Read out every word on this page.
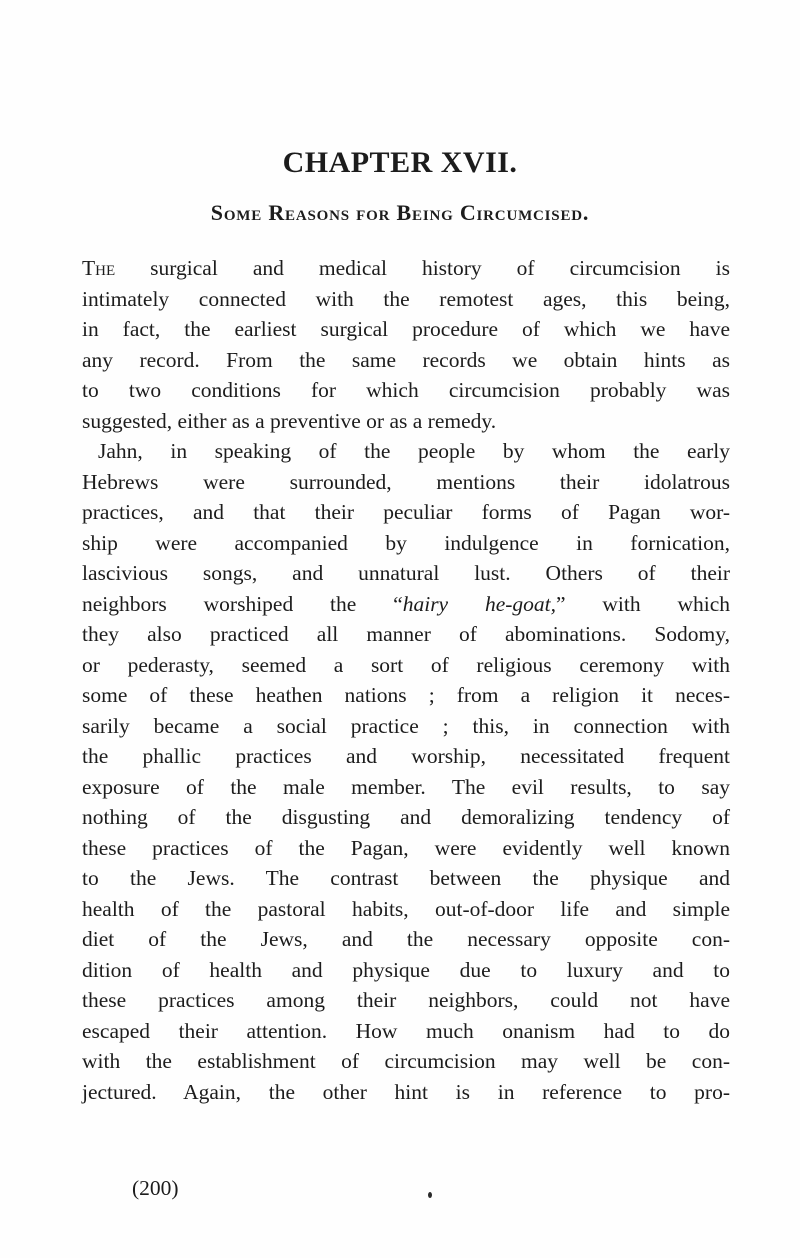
CHAPTER XVII.
Some Reasons for Being Circumcised.
The surgical and medical history of circumcision is
intimately connected with the remotest ages, this being,
in fact, the earliest surgical procedure of which we have
any record. From the same records we obtain hints as
to two conditions for which circumcision probably was
suggested, either as a preventive or as a remedy.
Jahn, in speaking of the people by whom the early
Hebrews were surrounded, mentions their idolatrous
practices, and that their peculiar forms of Pagan wor-
ship were accompanied by indulgence in fornication,
lascivious songs, and unnatural lust. Others of their
neighbors worshiped the “hairy he-goat,” with which
they also practiced all manner of abominations. Sodomy,
or pederasty, seemed a sort of religious ceremony with
some of these heathen nations ; from a religion it neces-
sarily became a social practice ; this, in connection with
the phallic practices and worship, necessitated frequent
exposure of the male member. The evil results, to say
nothing of the disgusting and demoralizing tendency of
these practices of the Pagan, were evidently well known
to the Jews. The contrast between the physique and
health of the pastoral habits, out-of-door life and simple
diet of the Jews, and the necessary opposite con-
dition of health and physique due to luxury and to
these practices among their neighbors, could not have
escaped their attention. How much onanism had to do
with the establishment of circumcision may well be con-
jectured. Again, the other hint is in reference to pro-
(200)
